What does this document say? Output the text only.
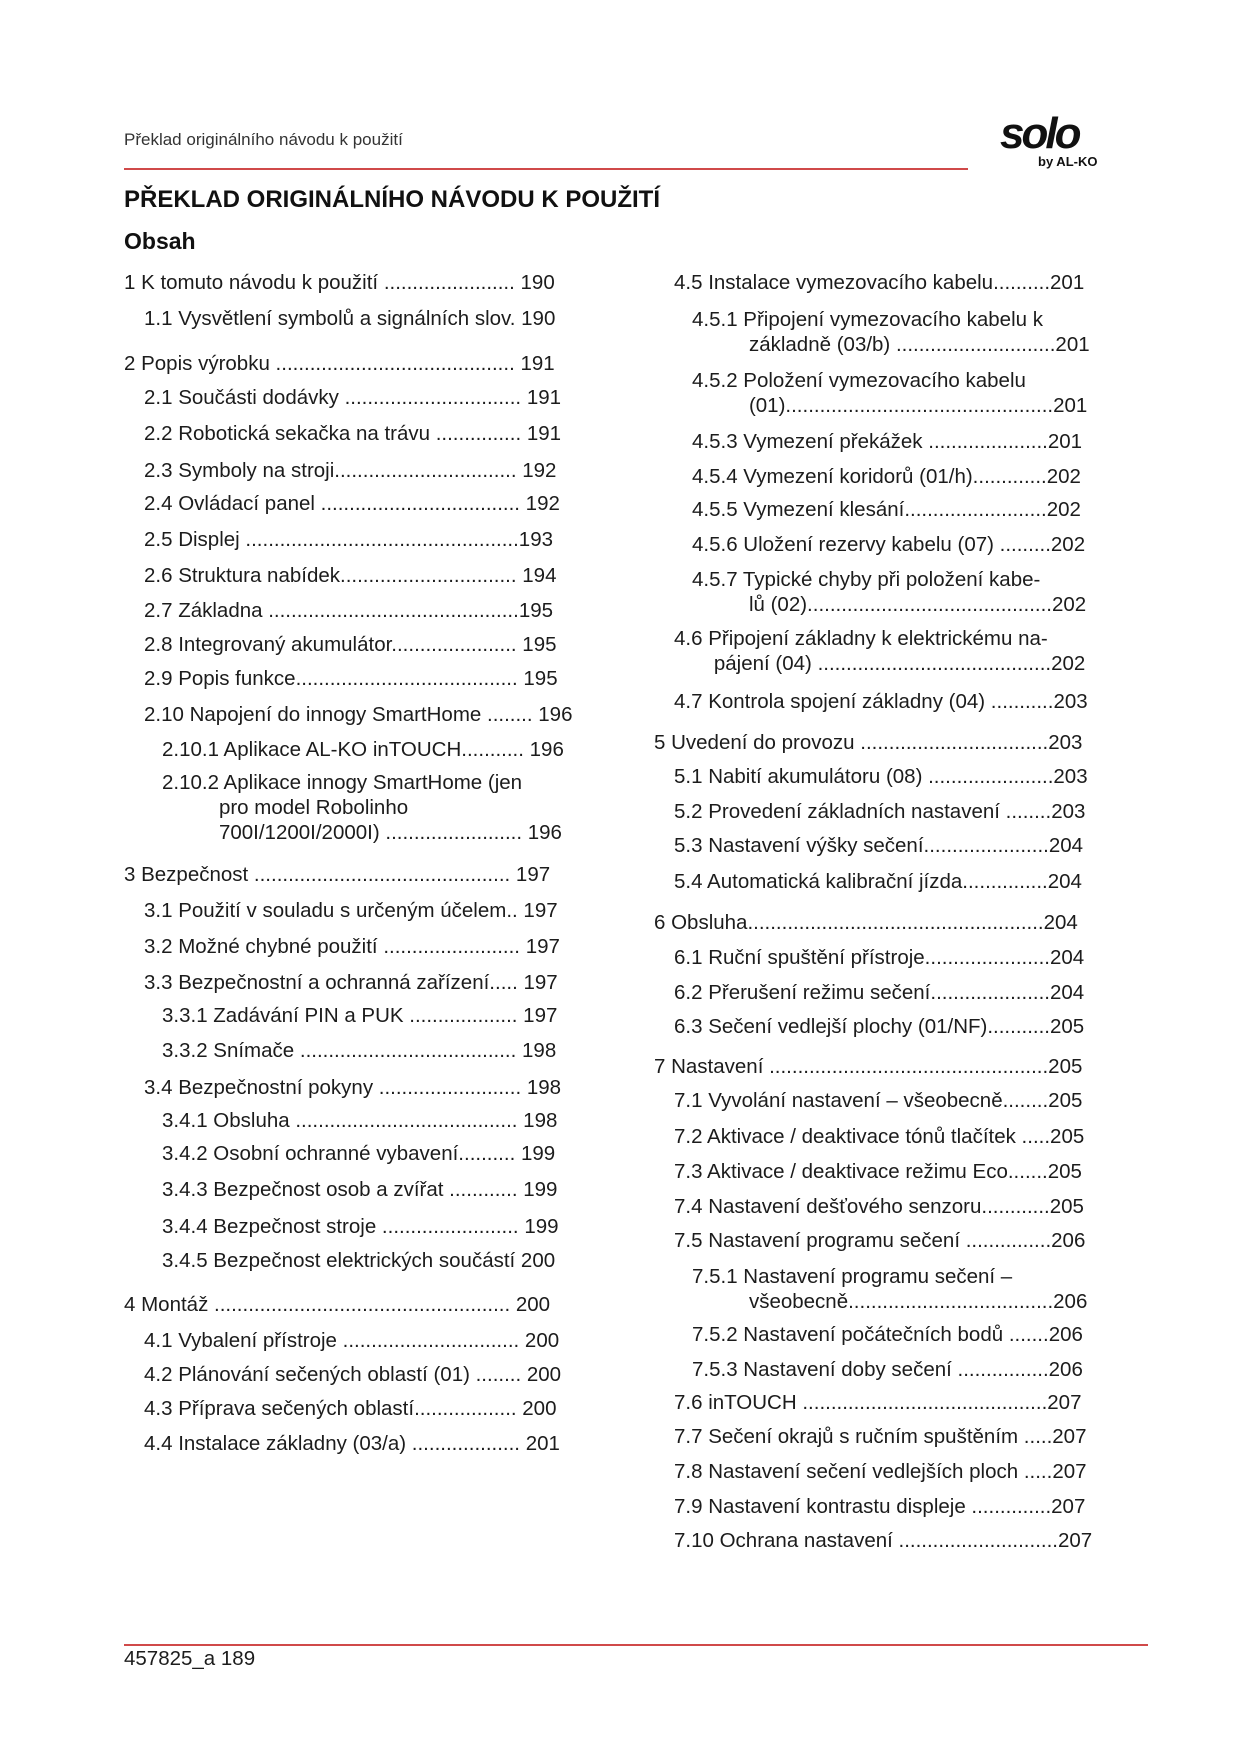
Překlad originálního návodu k použití	solo
by AL-KO
PŘEKLAD ORIGINÁLNÍHO NÁVODU K POUŽITÍ
Obsah
1 K tomuto návodu k použití ....................... 190
1.1 Vysvětlení symbolů a signálních slov. 190
2 Popis výrobku .......................................... 191
2.1 Součásti dodávky ............................... 191
2.2 Robotická sekačka na trávu ............... 191
2.3 Symboly na stroji................................ 192
2.4 Ovládací panel ................................... 192
2.5 Displej ................................................193
2.6 Struktura nabídek............................... 194
2.7 Základna ............................................195
2.8 Integrovaný akumulátor...................... 195
2.9 Popis funkce....................................... 195
2.10 Napojení do innogy SmartHome ........ 196
2.10.1 Aplikace AL-KO inTOUCH........... 196
2.10.2 Aplikace innogy SmartHome (jen
pro model Robolinho
700I/1200I/2000I) ........................ 196
3 Bezpečnost ............................................. 197
3.1 Použití v souladu s určeným účelem.. 197
3.2 Možné chybné použití ........................ 197
3.3 Bezpečnostní a ochranná zařízení..... 197
3.3.1 Zadávání PIN a PUK ................... 197
3.3.2 Snímače ...................................... 198
3.4 Bezpečnostní pokyny ......................... 198
3.4.1 Obsluha ....................................... 198
3.4.2 Osobní ochranné vybavení.......... 199
3.4.3 Bezpečnost osob a zvířat ............ 199
3.4.4 Bezpečnost stroje ........................ 199
3.4.5 Bezpečnost elektrických součástí 200
4 Montáž .................................................... 200
4.1 Vybalení přístroje ............................... 200
4.2 Plánování sečených oblastí (01) ........ 200
4.3 Příprava sečených oblastí.................. 200
4.4 Instalace základny (03/a) ................... 201
4.5 Instalace vymezovacího kabelu..........201
4.5.1 Připojení vymezovacího kabelu k
základně (03/b) ............................201
4.5.2 Položení vymezovacího kabelu
(01)...............................................201
4.5.3 Vymezení překážek .....................201
4.5.4 Vymezení koridorů (01/h).............202
4.5.5 Vymezení klesání.........................202
4.5.6 Uložení rezervy kabelu (07) .........202
4.5.7 Typické chyby při položení kabe-
lů (02)...........................................202
4.6 Připojení základny k elektrickému na-
pájení (04) .........................................202
4.7 Kontrola spojení základny (04) ...........203
5 Uvedení do provozu .................................203
5.1 Nabití akumulátoru (08) ......................203
5.2 Provedení základních nastavení ........203
5.3 Nastavení výšky sečení......................204
5.4 Automatická kalibrační jízda...............204
6 Obsluha....................................................204
6.1 Ruční spuštění přístroje......................204
6.2 Přerušení režimu sečení.....................204
6.3 Sečení vedlejší plochy (01/NF)...........205
7 Nastavení .................................................205
7.1 Vyvolání nastavení – všeobecně........205
7.2 Aktivace / deaktivace tónů tlačítek .....205
7.3 Aktivace / deaktivace režimu Eco.......205
7.4 Nastavení dešťového senzoru............205
7.5 Nastavení programu sečení ...............206
7.5.1 Nastavení programu sečení –
všeobecně....................................206
7.5.2 Nastavení počátečních bodů .......206
7.5.3 Nastavení doby sečení ................206
7.6 inTOUCH ...........................................207
7.7 Sečení okrajů s ručním spuštěním .....207
7.8 Nastavení sečení vedlejších ploch .....207
7.9 Nastavení kontrastu displeje ..............207
7.10 Ochrana nastavení ............................207
457825_a 189
